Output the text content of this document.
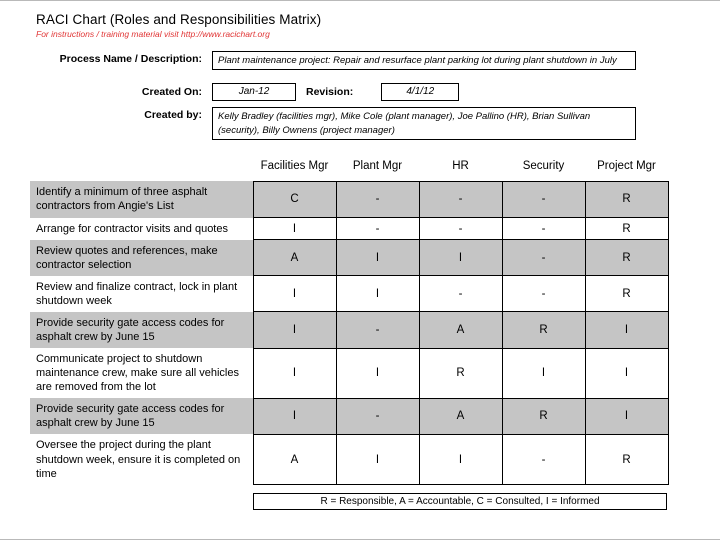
RACI Chart (Roles and Responsibilities Matrix)
For instructions / training material visit http://www.racichart.org
Process Name / Description:	Plant maintenance project: Repair and resurface plant parking lot during plant shutdown in July
Created On:	Jan-12	Revision:	4/1/12
Created by:	Kelly Bradley (facilities mgr), Mike Cole (plant manager), Joe Pallino (HR), Brian Sullivan (security), Billy Ownens (project manager)
	Facilities Mgr	Plant Mgr	HR	Security	Project Mgr
Identify a minimum of three asphalt contractors from Angie's List	C	-	-	-	R
Arrange for contractor visits and quotes	I	-	-	-	R
Review quotes and references, make contractor selection	A	I	I	-	R
Review and finalize contract, lock in plant shutdown week	I	I	-	-	R
Provide security gate access codes for asphalt crew by June 15	I	-	A	R	I
Communicate project to shutdown maintenance crew, make sure all vehicles are removed from the lot	I	I	R	I	I
Provide security gate access codes for asphalt crew by June 15	I	-	A	R	I
Oversee the project during the plant shutdown week, ensure it is completed on time	A	I	I	-	R
R = Responsible, A = Accountable, C = Consulted, I = Informed
